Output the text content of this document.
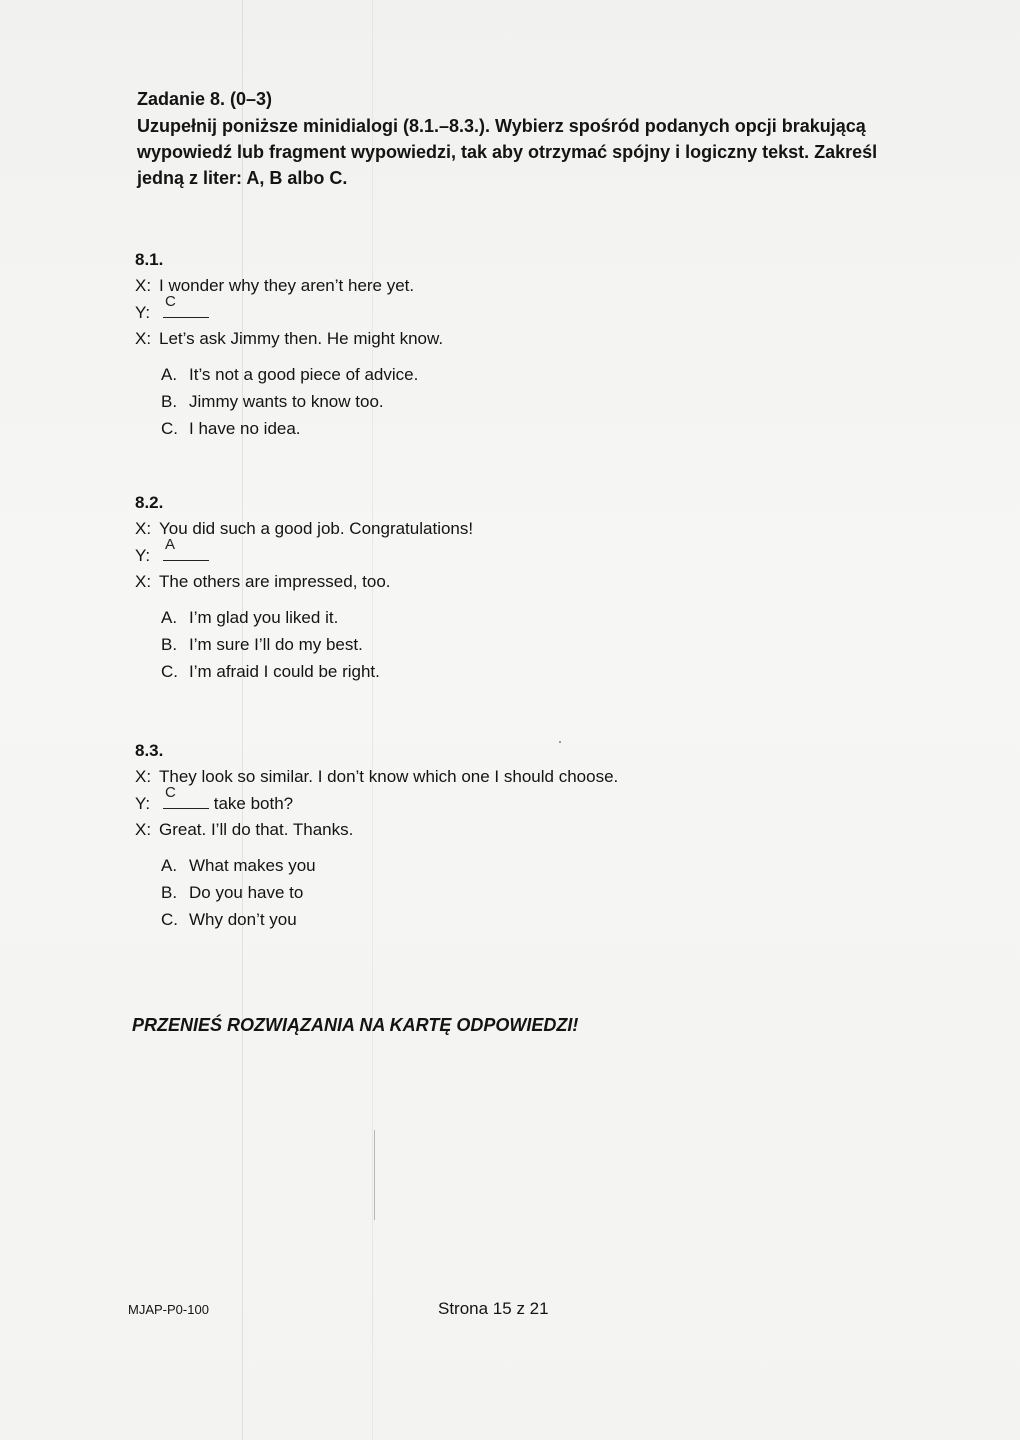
Zadanie 8. (0–3)
Uzupełnij poniższe minidialogi (8.1.–8.3.). Wybierz spośród podanych opcji brakującą wypowiedź lub fragment wypowiedzi, tak aby otrzymać spójny i logiczny tekst. Zakreśl jedną z liter: A, B albo C.
8.1.
X: I wonder why they aren’t here yet.
Y:
C
X: Let’s ask Jimmy then. He might know.
A. It’s not a good piece of advice.
B. Jimmy wants to know too.
C. I have no idea.
8.2.
X: You did such a good job. Congratulations!
Y:
A
X: The others are impressed, too.
A. I’m glad you liked it.
B. I’m sure I’ll do my best.
C. I’m afraid I could be right.
8.3.
X: They look so similar. I don’t know which one I should choose.
Y:
C
take both?
X: Great. I’ll do that. Thanks.
A. What makes you
B. Do you have to
C. Why don’t you
PRZENIEŚ ROZWIĄZANIA NA KARTĘ ODPOWIEDZI!
MJAP-P0-100	Strona 15 z 21
